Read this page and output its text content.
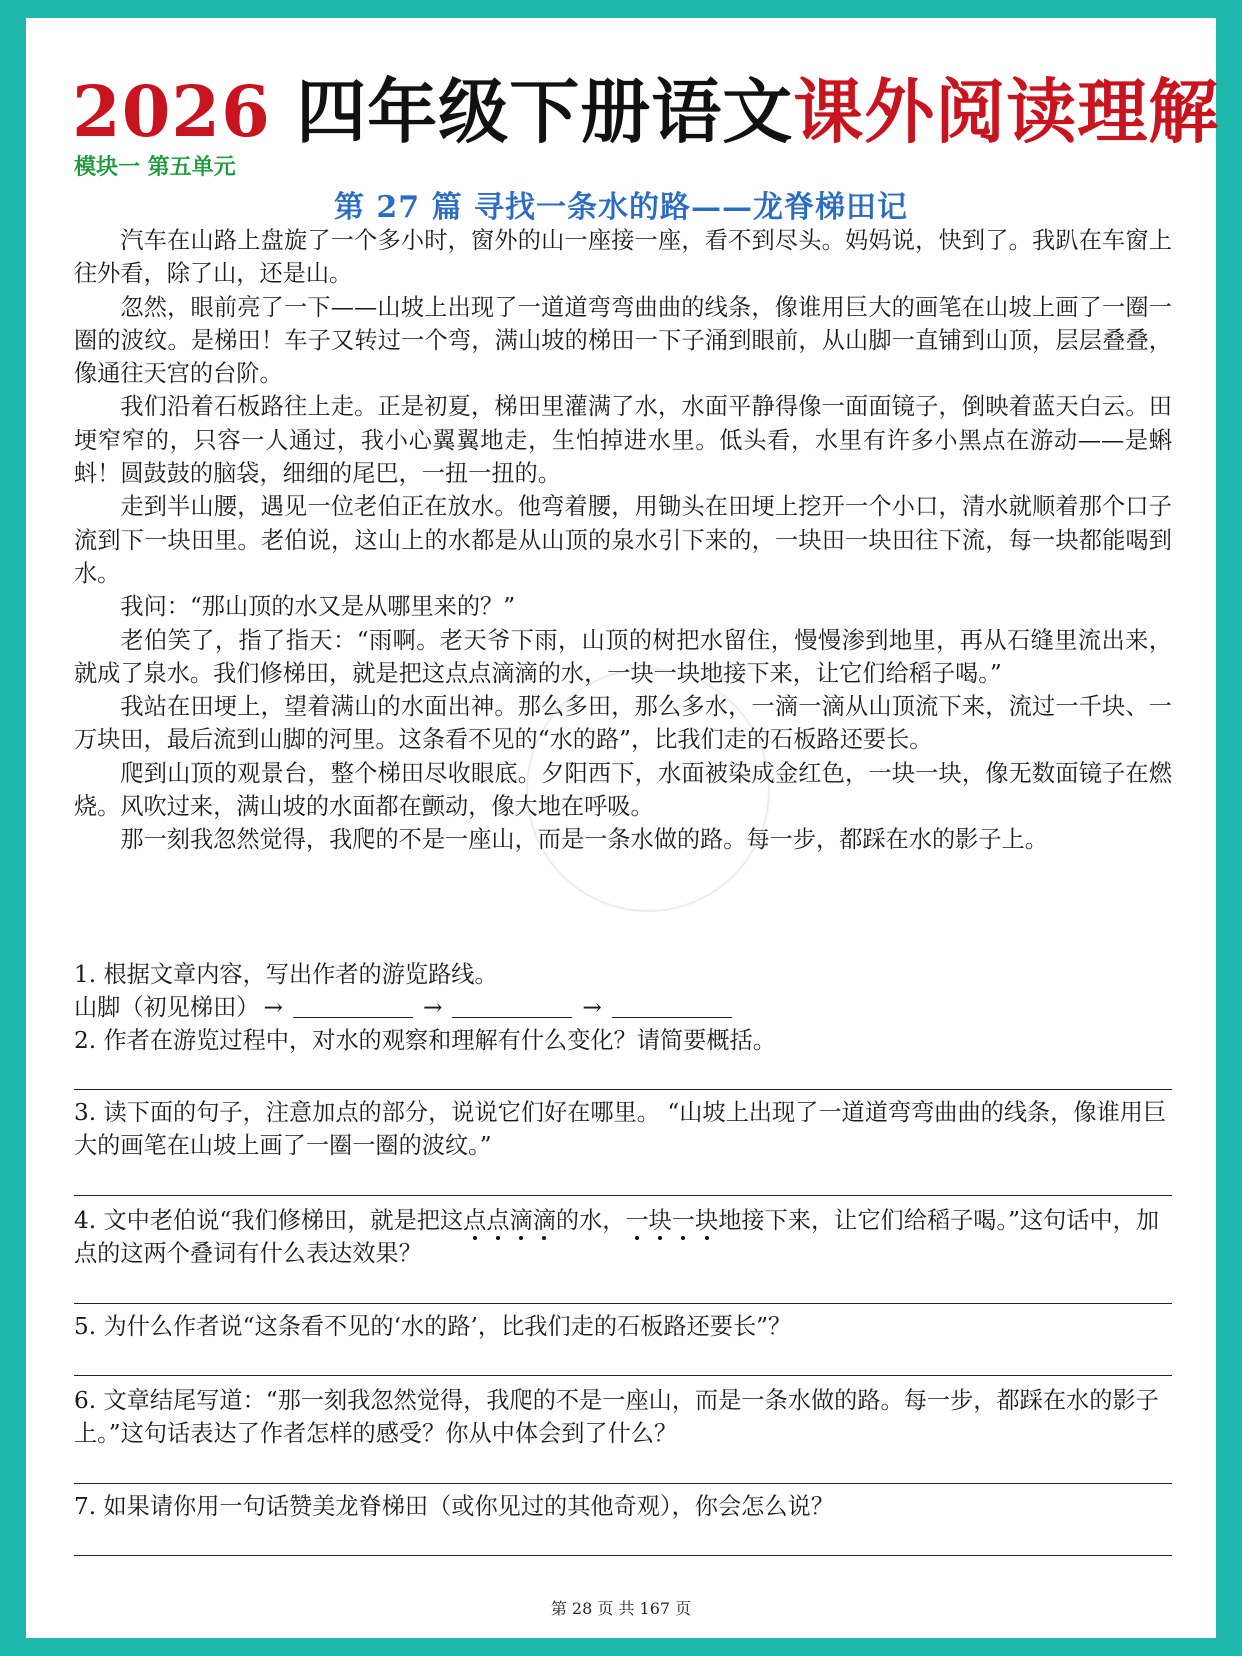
2026 四年级下册语文课外阅读理解
模块一 第五单元
第 27 篇 寻找一条水的路——龙脊梯田记

汽车在山路上盘旋了一个多小时，窗外的山一座接一座，看不到尽头。妈妈说，快到了。我趴在车窗上往外看，除了山，还是山。

忽然，眼前亮了一下——山坡上出现了一道道弯弯曲曲的线条，像谁用巨大的画笔在山坡上画了一圈一圈的波纹。是梯田！车子又转过一个弯，满山坡的梯田一下子涌到眼前，从山脚一直铺到山顶，层层叠叠，像通往天宫的台阶。

我们沿着石板路往上走。正是初夏，梯田里灌满了水，水面平静得像一面面镜子，倒映着蓝天白云。田埂窄窄的，只容一人通过，我小心翼翼地走，生怕掉进水里。低头看，水里有许多小黑点在游动——是蝌蚪！圆鼓鼓的脑袋，细细的尾巴，一扭一扭的。

走到半山腰，遇见一位老伯正在放水。他弯着腰，用锄头在田埂上挖开一个小口，清水就顺着那个口子流到下一块田里。老伯说，这山上的水都是从山顶的泉水引下来的，一块田一块田往下流，每一块都能喝到水。

我问：“那山顶的水又是从哪里来的？”

老伯笑了，指了指天：“雨啊。老天爷下雨，山顶的树把水留住，慢慢渗到地里，再从石缝里流出来，就成了泉水。我们修梯田，就是把这点点滴滴的水，一块一块地接下来，让它们给稻子喝。”

我站在田埂上，望着满山的水面出神。那么多田，那么多水，一滴一滴从山顶流下来，流过一千块、一万块田，最后流到山脚的河里。这条看不见的“水的路”，比我们走的石板路还要长。

爬到山顶的观景台，整个梯田尽收眼底。夕阳西下，水面被染成金红色，一块一块，像无数面镜子在燃烧。风吹过来，满山坡的水面都在颤动，像大地在呼吸。

那一刻我忽然觉得，我爬的不是一座山，而是一条水做的路。每一步，都踩在水的影子上。

1. 根据文章内容，写出作者的游览路线。

山脚（初见梯田） →	→	→

2. 作者在游览过程中，对水的观察和理解有什么变化？请简要概括。

3. 读下面的句子，注意加点的部分，说说它们好在哪里。 “山坡上出现了一道道弯弯曲曲的线条，像谁用巨大的画笔在山坡上画了一圈一圈的波纹。”

4. 文中老伯说“我们修梯田，就是把这点点滴滴的水，一块一块地接下来，让它们给稻子喝。”这句话中，加点的这两个叠词有什么表达效果？

5. 为什么作者说“这条看不见的‘水的路’，比我们走的石板路还要长”？

6. 文章结尾写道：“那一刻我忽然觉得，我爬的不是一座山，而是一条水做的路。每一步，都踩在水的影子上。”这句话表达了作者怎样的感受？你从中体会到了什么？

7. 如果请你用一句话赞美龙脊梯田（或你见过的其他奇观），你会怎么说？

第 28 页 共 167 页
